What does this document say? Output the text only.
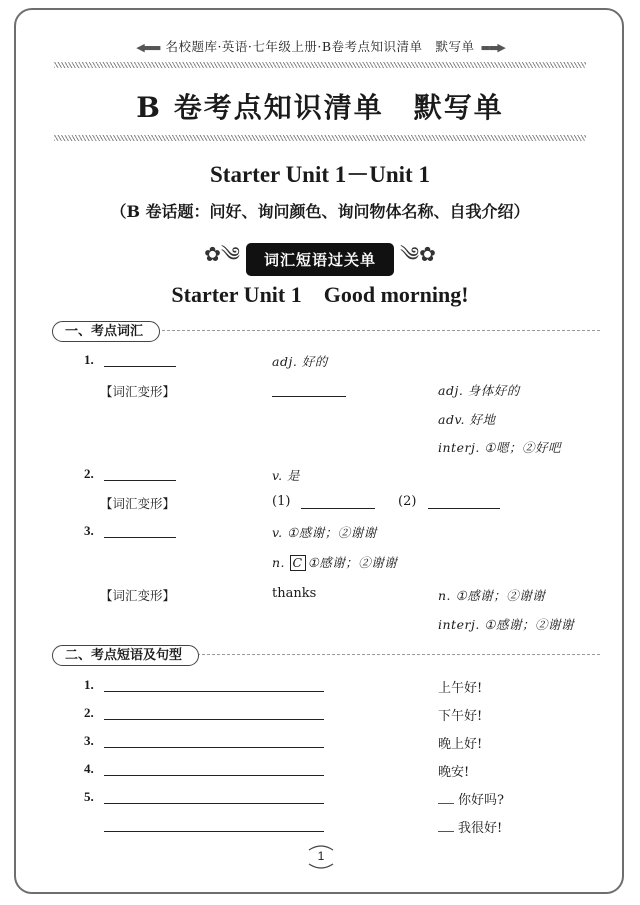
◀▬▬ 名校题库·英语·七年级上册·B卷考点知识清单　默写单 ▬▬▶
B 卷考点知识清单　默写单
Starter Unit 1－Unit 1
（B 卷话题：问好、询问颜色、询问物体名称、自我介绍）
✿༄ 词汇短语过关单 ༄✿
Starter Unit 1　Good morning!
一、考点词汇
1.	adj. 好的
【词汇变形】	adj. 身体好的
adv. 好地
interj. ①嗯；②好吧
2.	v. 是
【词汇变形】	(1)	(2)
3.	v. ①感谢；②谢谢
n. C ①感谢；②谢谢
【词汇变形】	thanks	n. ①感谢；②谢谢
interj. ①感谢；②谢谢
二、考点短语及句型
1.	上午好!
2.	下午好!
3.	晚上好!
4.	晚安!
5.	你好吗?
我很好!
1
